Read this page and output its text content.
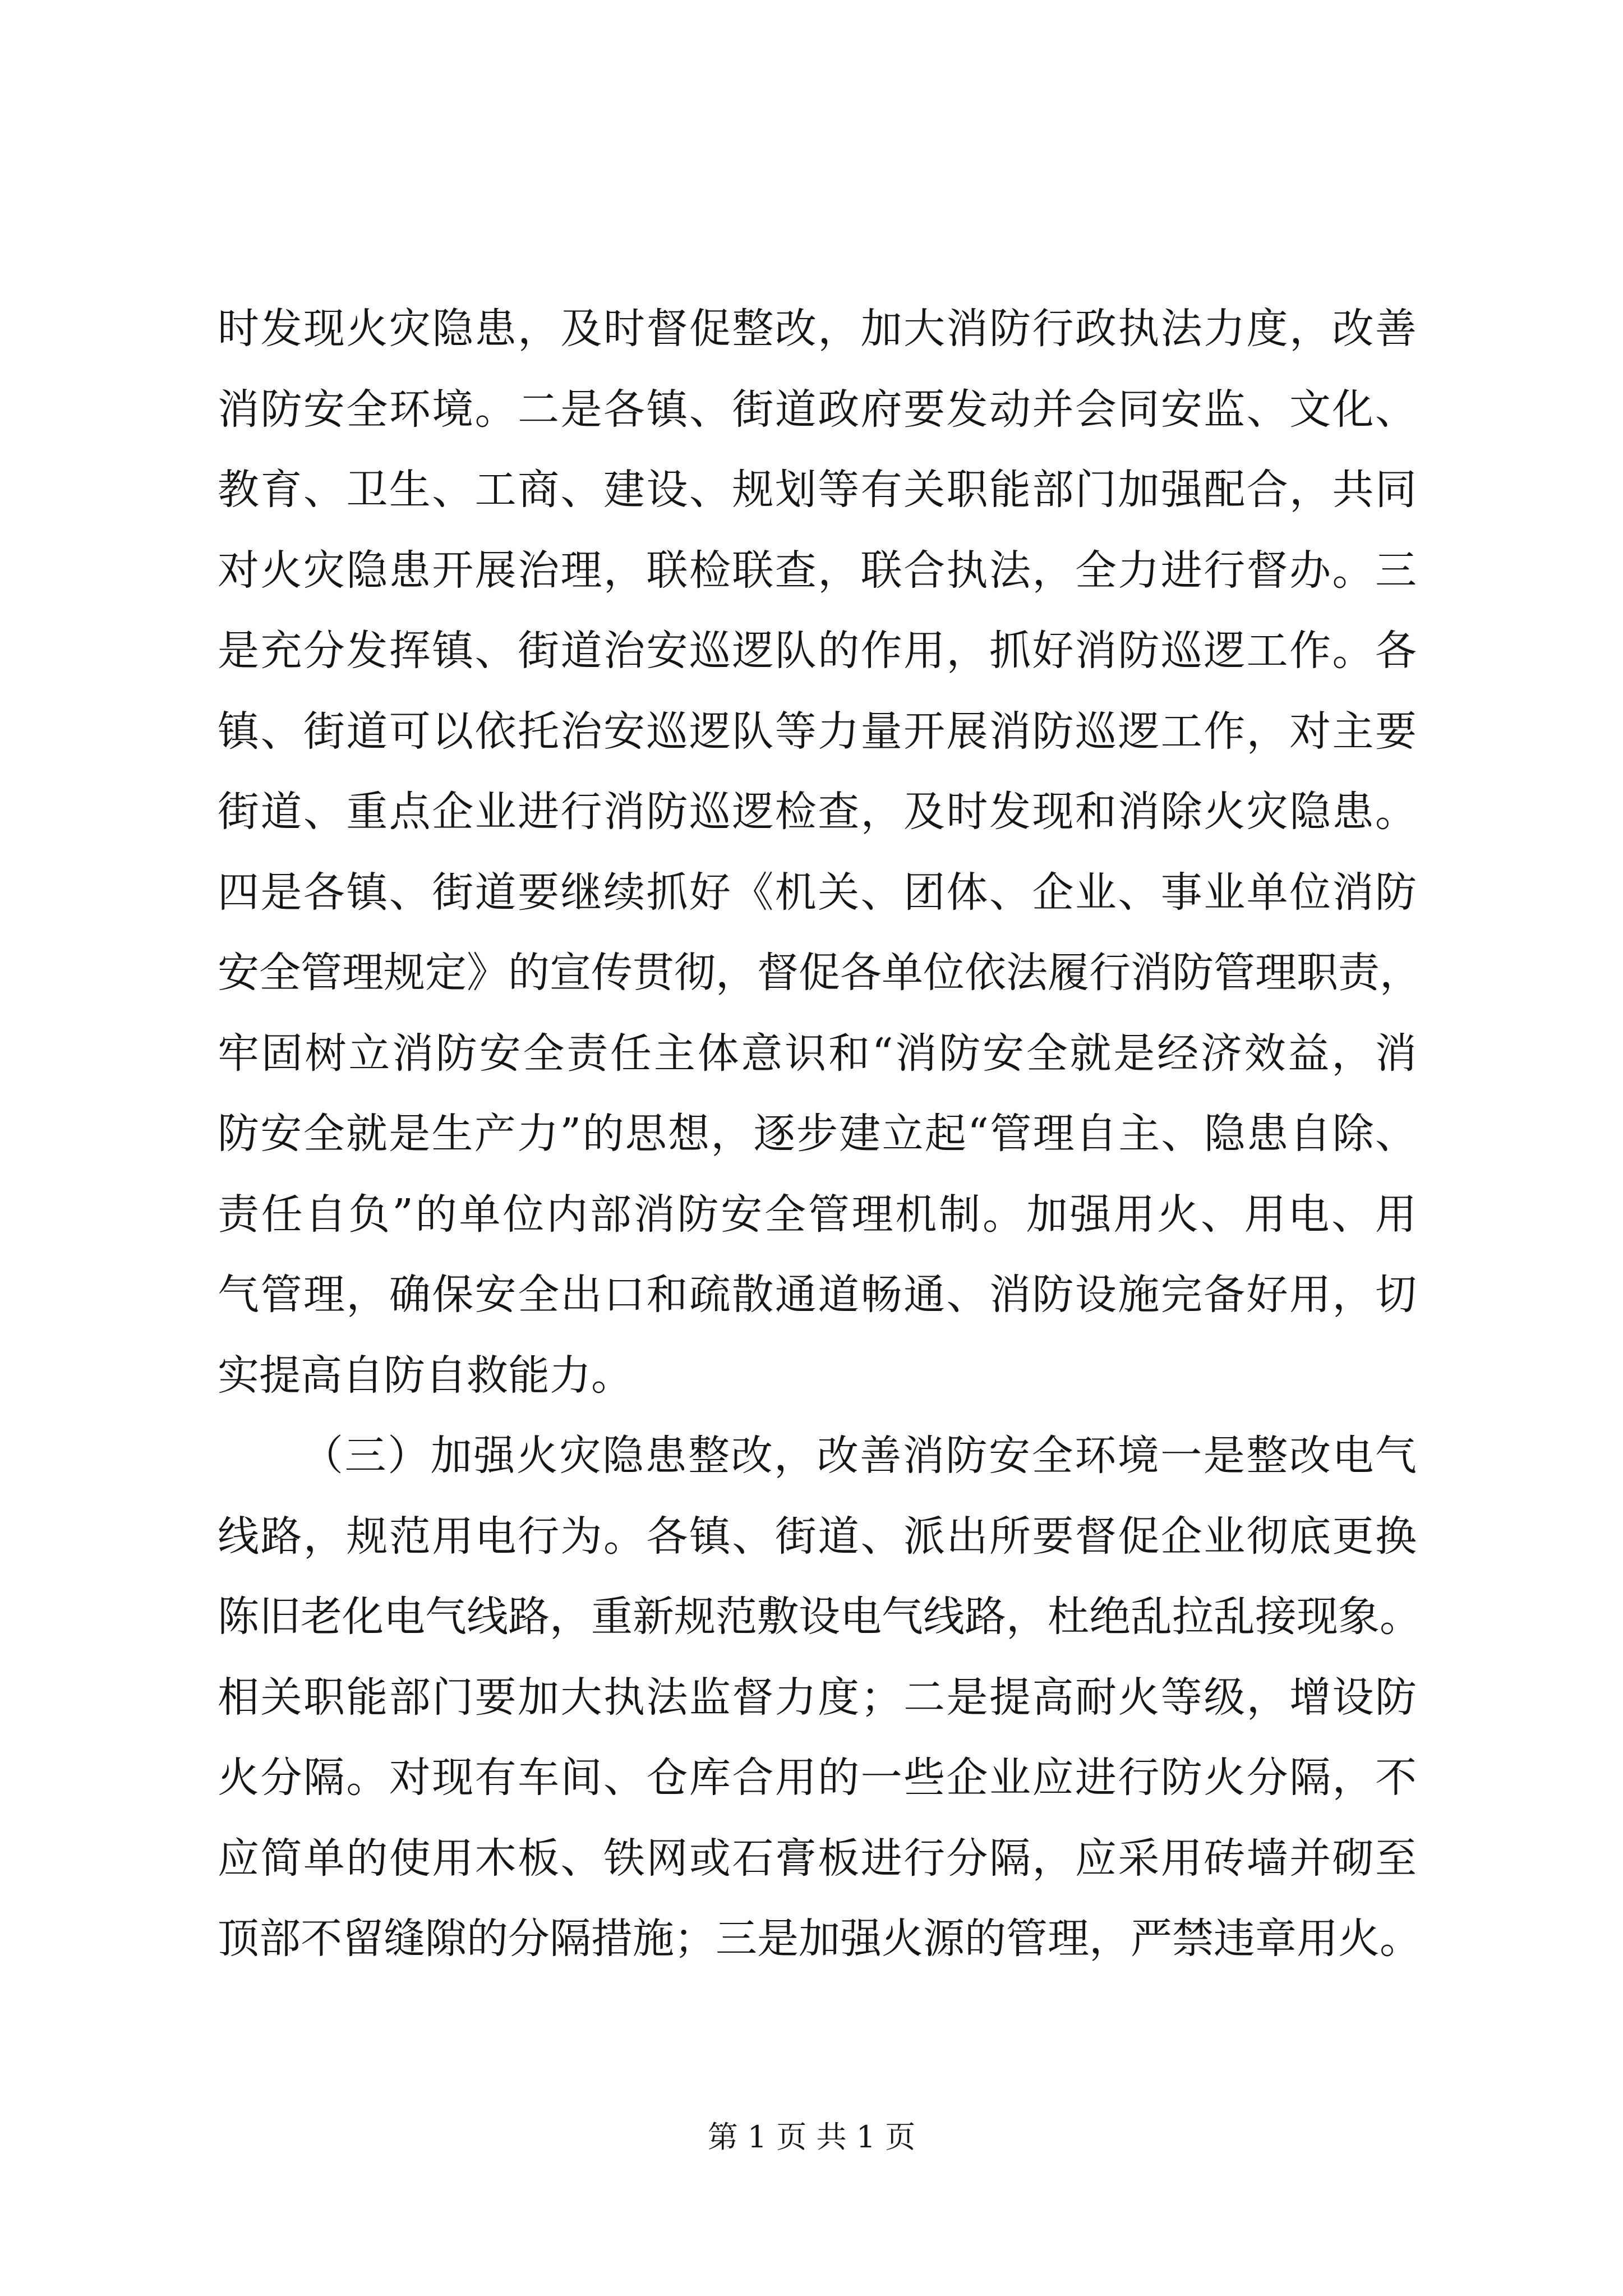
时发现火灾隐患，及时督促整改，加大消防行政执法力度，改善
消防安全环境。二是各镇、街道政府要发动并会同安监、文化、
教育、卫生、工商、建设、规划等有关职能部门加强配合，共同
对火灾隐患开展治理，联检联查，联合执法，全力进行督办。三
是充分发挥镇、街道治安巡逻队的作用，抓好消防巡逻工作。各
镇、街道可以依托治安巡逻队等力量开展消防巡逻工作，对主要
街道、重点企业进行消防巡逻检查，及时发现和消除火灾隐患。
四是各镇、街道要继续抓好《机关、团体、企业、事业单位消防
安全管理规定》的宣传贯彻，督促各单位依法履行消防管理职责，
牢固树立消防安全责任主体意识和“消防安全就是经济效益，消
防安全就是生产力”的思想，逐步建立起“管理自主、隐患自除、
责任自负”的单位内部消防安全管理机制。加强用火、用电、用
气管理，确保安全出口和疏散通道畅通、消防设施完备好用，切
实提高自防自救能力。
（三）加强火灾隐患整改，改善消防安全环境一是整改电气
线路，规范用电行为。各镇、街道、派出所要督促企业彻底更换
陈旧老化电气线路，重新规范敷设电气线路，杜绝乱拉乱接现象。
相关职能部门要加大执法监督力度；二是提高耐火等级，增设防
火分隔。对现有车间、仓库合用的一些企业应进行防火分隔，不
应简单的使用木板、铁网或石膏板进行分隔，应采用砖墙并砌至
顶部不留缝隙的分隔措施；三是加强火源的管理，严禁违章用火。
第 1 页 共 1 页
